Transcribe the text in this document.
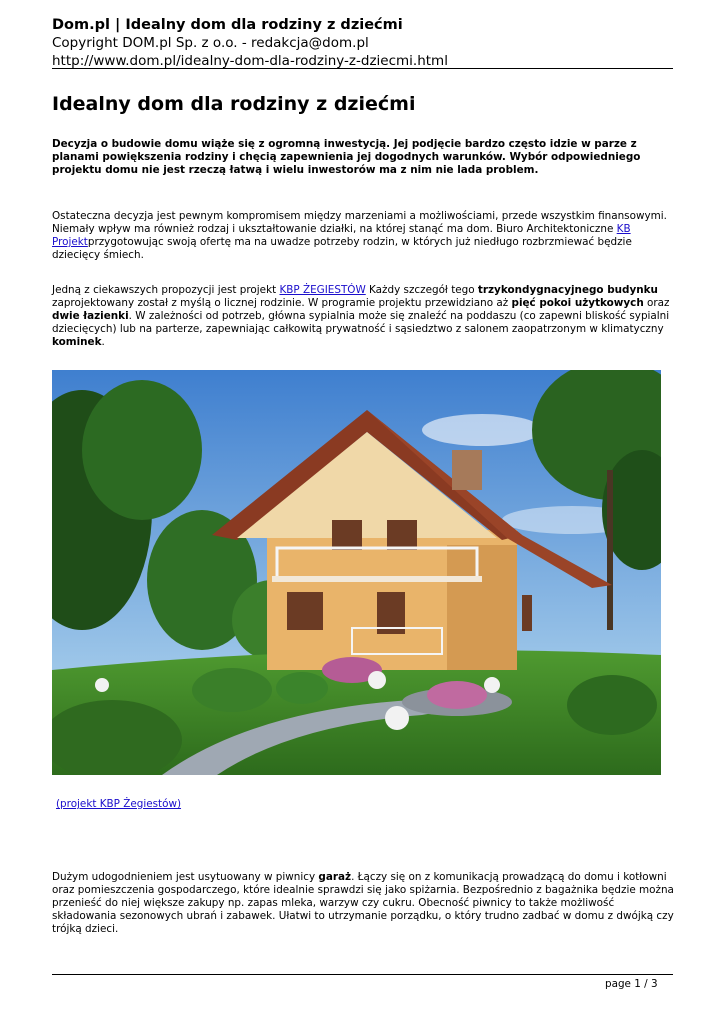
Dom.pl | Idealny dom dla rodziny z dziećmi
Copyright DOM.pl Sp. z o.o. - redakcja@dom.pl
http://www.dom.pl/idealny-dom-dla-rodziny-z-dziecmi.html
Idealny dom dla rodziny z dziećmi

Decyzja o budowie domu wiąże się z ogromną inwestycją. Jej podjęcie bardzo często idzie w parze z planami powiększenia rodziny i chęcią zapewnienia jej dogodnych warunków. Wybór odpowiedniego projektu domu nie jest rzeczą łatwą i wielu inwestorów ma z nim nie lada problem.

Ostateczna decyzja jest pewnym kompromisem między marzeniami a możliwościami, przede wszystkim finansowymi. Niemały wpływ ma również rodzaj i ukształtowanie działki, na której stanąć ma dom. Biuro Architektoniczne KB Projektprzygotowując swoją ofertę ma na uwadze potrzeby rodzin, w których już niedługo rozbrzmiewać będzie dziecięcy śmiech.

Jedną z ciekawszych propozycji jest projekt KBP ŻEGIESTÓW Każdy szczegół tego trzykondygnacyjnego budynku zaprojektowany został z myślą o licznej rodzinie. W programie projektu przewidziano aż pięć pokoi użytkowych oraz dwie łazienki. W zależności od potrzeb, główna sypialnia może się znaleźć na poddaszu (co zapewni bliskość sypialni dziecięcych) lub na parterze, zapewniając całkowitą prywatność i sąsiedztwo z salonem zaopatrzonym w klimatyczny kominek.

(projekt KBP Żegiestów)

Dużym udogodnieniem jest usytuowany w piwnicy garaż. Łączy się on z komunikacją prowadzącą do domu i kotłowni oraz pomieszczenia gospodarczego, które idealnie sprawdzi się jako spiżarnia. Bezpośrednio z bagażnika będzie można przenieść do niej większe zakupy np. zapas mleka, warzyw czy cukru. Obecność piwnicy to także możliwość składowania sezonowych ubrań i zabawek. Ułatwi to utrzymanie porządku, o który trudno zadbać w domu z dwójką czy trójką dzieci.

page 1 / 3
